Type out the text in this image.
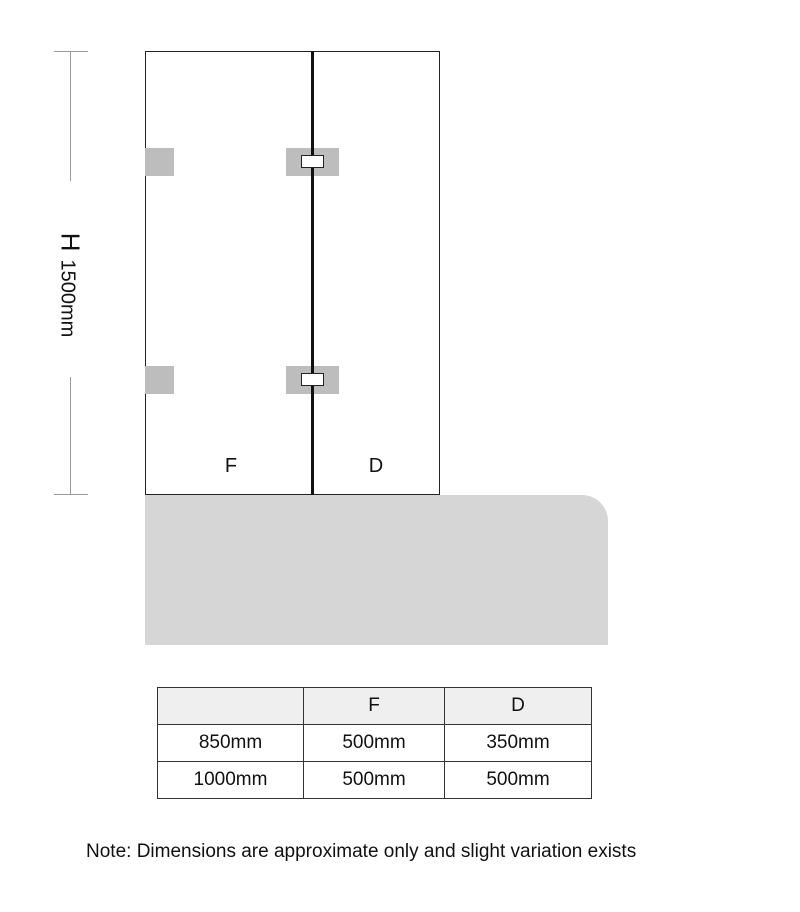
H
1500mm
F	D
	F	D
850mm	500mm	350mm
1000mm	500mm	500mm
Note: Dimensions are approximate only and slight variation exists
